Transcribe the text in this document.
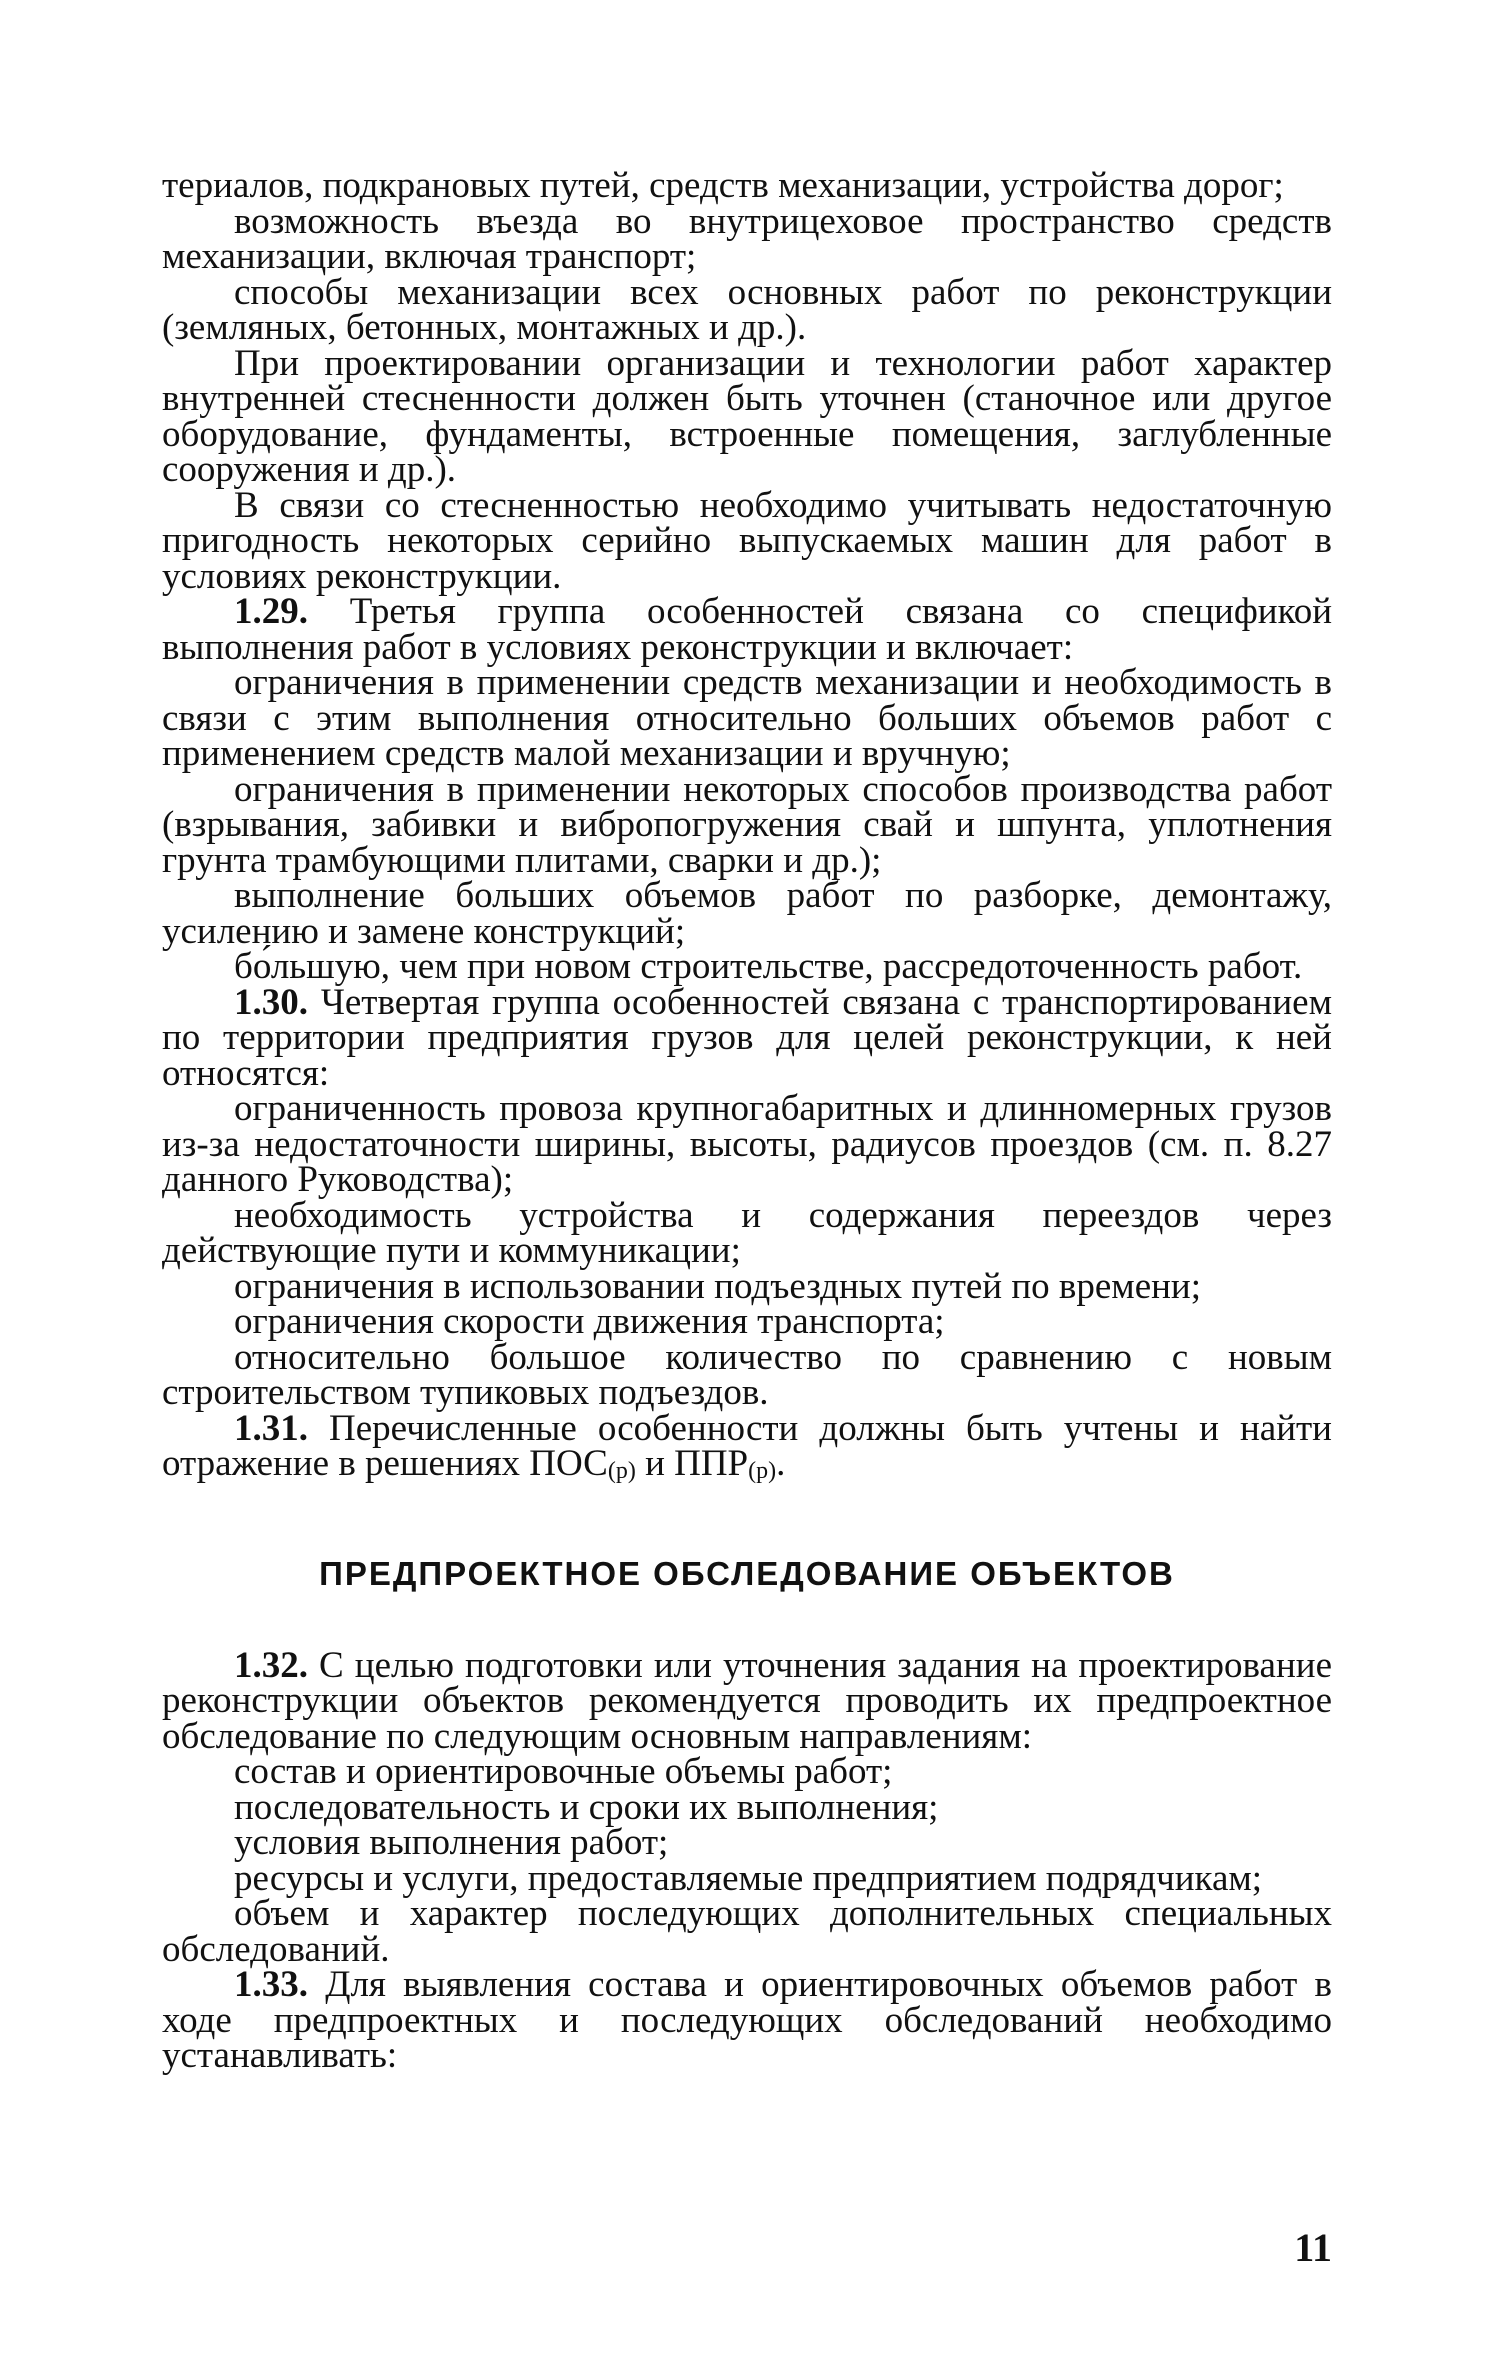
териалов, подкрановых путей, средств механизации, устройства дорог;

возможность въезда во внутрицеховое пространство средств механизации, включая транспорт;

способы механизации всех основных работ по реконструкции (земляных, бетонных, монтажных и др.).

При проектировании организации и технологии работ характер внутренней стесненности должен быть уточнен (станочное или другое оборудование, фундаменты, встроенные помещения, заглубленные сооружения и др.).

В связи со стесненностью необходимо учитывать недостаточную пригодность некоторых серийно выпускаемых машин для работ в условиях реконструкции.

1.29. Третья группа особенностей связана со спецификой выполнения работ в условиях реконструкции и включает:

ограничения в применении средств механизации и необходимость в связи с этим выполнения относительно больших объемов работ с применением средств малой механизации и вручную;

ограничения в применении некоторых способов производства работ (взрывания, забивки и вибропогружения свай и шпунта, уплотнения грунта трамбующими плитами, сварки и др.);

выполнение больших объемов работ по разборке, демонтажу, усилению и замене конструкций;

бо́льшую, чем при новом строительстве, рассредоточенность работ.

1.30. Четвертая группа особенностей связана с транспортированием по территории предприятия грузов для целей реконструкции, к ней относятся:

ограниченность провоза крупногабаритных и длинномерных грузов из-за недостаточности ширины, высоты, радиусов проездов (см. п. 8.27 данного Руководства);

необходимость устройства и содержания переездов через действующие пути и коммуникации;

ограничения в использовании подъездных путей по времени;

ограничения скорости движения транспорта;

относительно большое количество по сравнению с новым строительством тупиковых подъездов.

1.31. Перечисленные особенности должны быть учтены и найти отражение в решениях ПОС(р) и ППР(р).

ПРЕДПРОЕКТНОЕ ОБСЛЕДОВАНИЕ ОБЪЕКТОВ

1.32. С целью подготовки или уточнения задания на проектирование реконструкции объектов рекомендуется проводить их предпроектное обследование по следующим основным направлениям:

состав и ориентировочные объемы работ;

последовательность и сроки их выполнения;

условия выполнения работ;

ресурсы и услуги, предоставляемые предприятием подрядчикам;

объем и характер последующих дополнительных специальных обследований.

1.33. Для выявления состава и ориентировочных объемов работ в ходе предпроектных и последующих обследований необходимо устанавливать:

11
